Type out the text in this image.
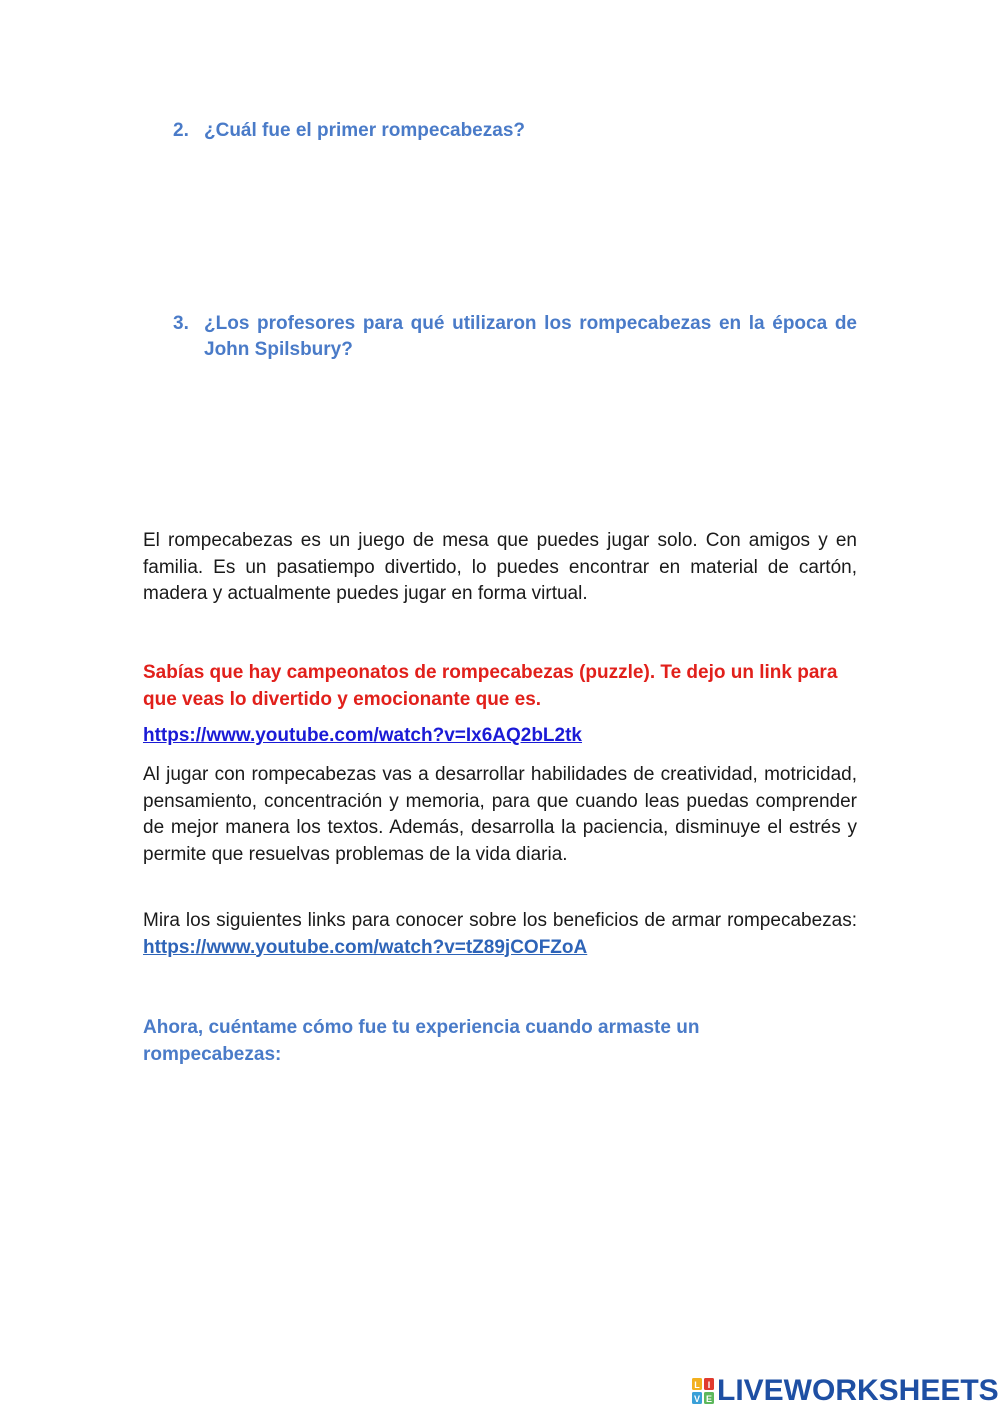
2. ¿Cuál fue el primer rompecabezas?
3. ¿Los profesores para qué utilizaron los rompecabezas en la época de John Spilsbury?

El rompecabezas es un juego de mesa que puedes jugar solo. Con amigos y en familia. Es un pasatiempo divertido, lo puedes encontrar en material de cartón, madera y actualmente puedes jugar en forma virtual.

Sabías que hay campeonatos de rompecabezas (puzzle). Te dejo un link para que veas lo divertido y emocionante que es.

https://www.youtube.com/watch?v=Ix6AQ2bL2tk

Al jugar con rompecabezas vas a desarrollar habilidades de creatividad, motricidad, pensamiento, concentración y memoria, para que cuando leas puedas comprender de mejor manera los textos. Además, desarrolla la paciencia, disminuye el estrés y permite que resuelvas problemas de la vida diaria.

Mira los siguientes links para conocer sobre los beneficios de armar rompecabezas: https://www.youtube.com/watch?v=tZ89jCOFZoA

Ahora, cuéntame cómo fue tu experiencia cuando armaste un rompecabezas:

L I
V E LIVEWORKSHEETS
